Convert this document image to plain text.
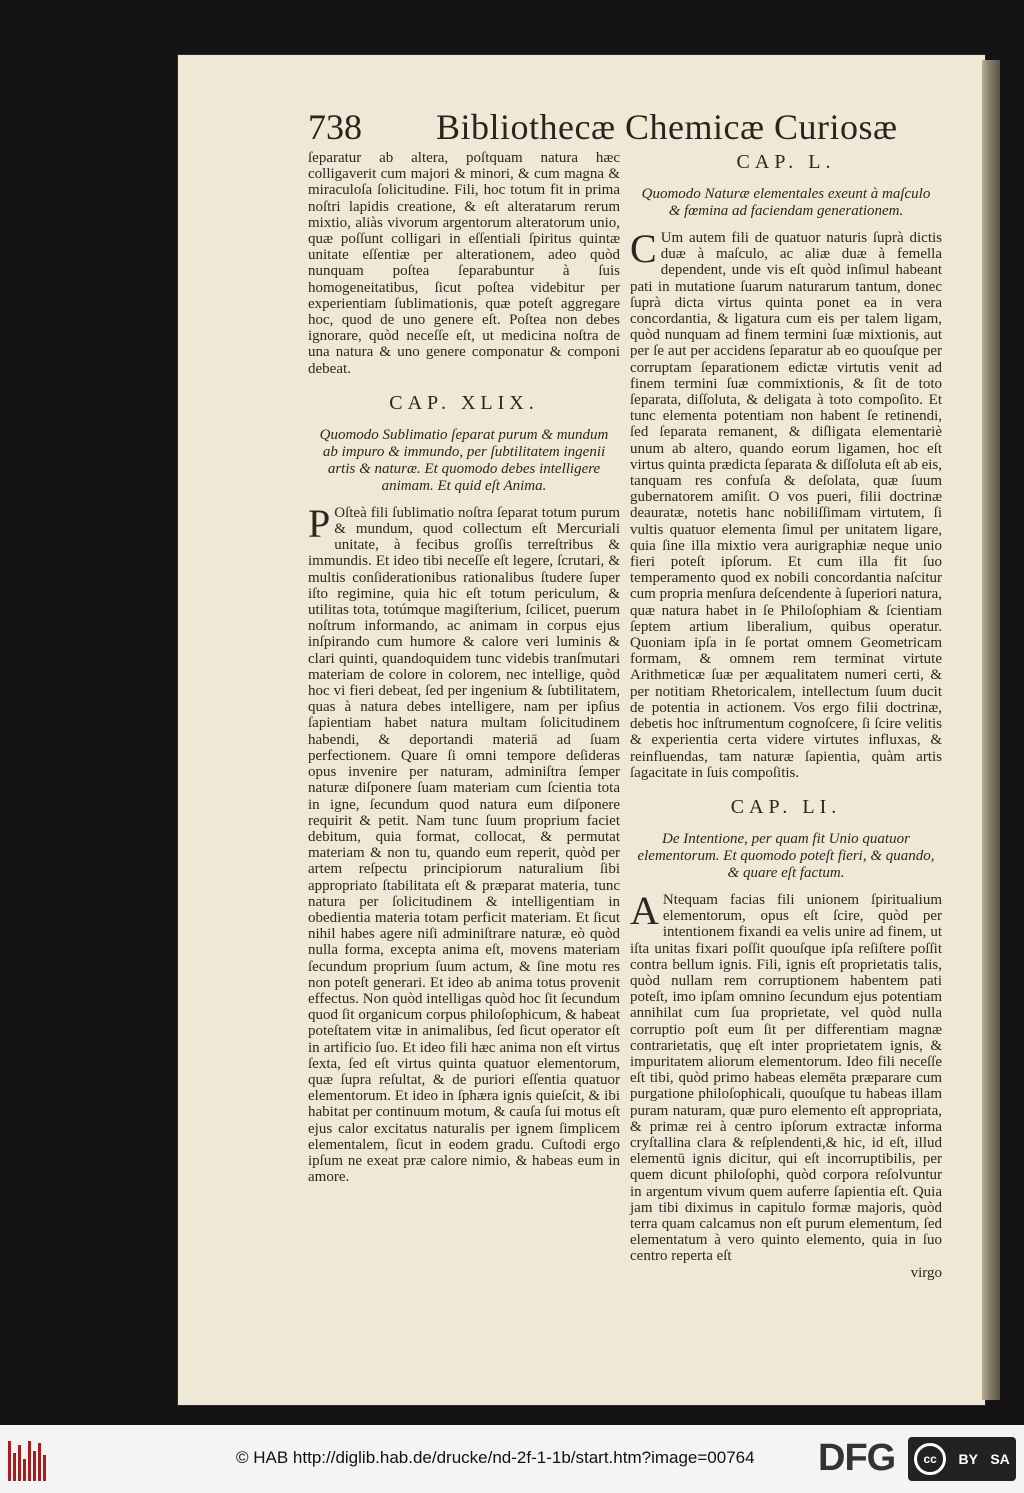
738 Bibliothecæ Chemicæ Curiosæ

ſeparatur ab altera, poſtquam natura hæc colligaverit cum majori & minori, & cum magna & miraculoſa ſolicitudine. Fili, hoc totum fit in prima noſtri lapidis creatione, & eſt alteratarum rerum mixtio, aliàs vivorum argentorum alteratorum unio, quæ poſſunt colligari in eſſentiali ſpiritus quintæ unitate eſſentiæ per alterationem, adeo quòd nunquam poſtea ſeparabuntur à ſuis homogeneitatibus, ſicut poſtea videbitur per experientiam ſublimationis, quæ poteſt aggregare hoc, quod de uno genere eſt. Poſtea non debes ignorare, quòd neceſſe eſt, ut medicina noſtra de una natura & uno genere componatur & componi debeat.

CAP. XLIX.
Quomodo Sublimatio ſeparat purum & mundum ab impuro & immundo, per ſubtilitatem ingenii artis & naturæ. Et quomodo debes intelligere animam. Et quid eſt Anima.

P Oſteà fili ſublimatio noſtra ſeparat totum purum & mundum, quod collectum eſt Mercuriali unitate, à fecibus groſſis terreſtribus & immundis. Et ideo tibi neceſſe eſt legere, ſcrutari, & multis conſiderationibus rationalibus ſtudere ſuper iſto regimine, quia hic eſt totum periculum, & utilitas tota, totúmque magiſterium, ſcilicet, puerum noſtrum informando, ac animam in corpus ejus inſpirando cum humore & calore veri luminis & clari quinti, quandoquidem tunc videbis tranſmutari materiam de colore in colorem, nec intellige, quòd hoc vi fieri debeat, ſed per ingenium & ſubtilitatem, quas à natura debes intelligere, nam per ipſius ſapientiam habet natura multam ſolicitudinem habendi, & deportandi materiā ad ſuam perfectionem. Quare ſi omni tempore deſideras opus invenire per naturam, adminiſtra ſemper naturæ diſponere ſuam materiam cum ſcientia tota in igne, ſecundum quod natura eum diſponere requirit & petit. Nam tunc ſuum proprium faciet debitum, quia format, collocat, & permutat materiam & non tu, quando eum reperit, quòd per artem reſpectu principiorum naturalium ſibi appropriato ſtabilitata eſt & præparat materia, tunc natura per ſolicitudinem & intelligentiam in obedientia materia totam perficit materiam. Et ſicut nihil habes agere niſi adminiſtrare naturæ, eò quòd nulla forma, excepta anima eſt, movens materiam ſecundum proprium ſuum actum, & ſine motu res non poteſt generari. Et ideo ab anima totus provenit effectus. Non quòd intelligas quòd hoc ſit ſecundum quod ſit organicum corpus philoſophicum, & habeat poteſtatem vitæ in animalibus, ſed ſicut operator eſt in artificio ſuo. Et ideo fili hæc anima non eſt virtus ſexta, ſed eſt virtus quinta quatuor elementorum, quæ ſupra reſultat, & de puriori eſſentia quatuor elementorum. Et ideo in ſphæra ignis quieſcit, & ibi habitat per continuum motum, & cauſa ſui motus eſt ejus calor excitatus naturalis per ignem ſimplicem elementalem, ſicut in eodem gradu. Cuſtodi ergo ipſum ne exeat præ calore nimio, & habeas eum in amore.

CAP. L.
Quomodo Naturæ elementales exeunt à maſculo & fœmina ad faciendam generationem.

C Um autem fili de quatuor naturis ſuprà dictis duæ à maſculo, ac aliæ duæ à femella dependent, unde vis eſt quòd inſimul habeant pati in mutatione ſuarum naturarum tantum, donec ſuprà dicta virtus quinta ponet ea in vera concordantia, & ligatura cum eis per talem ligam, quòd nunquam ad finem termini ſuæ mixtionis, aut per ſe aut per accidens ſeparatur ab eo quouſque per corruptam ſeparationem edictæ virtutis venit ad finem termini ſuæ commixtionis, & ſit de toto ſeparata, diſſoluta, & deligata à toto compoſito. Et tunc elementa potentiam non habent ſe retinendi, ſed ſeparata remanent, & diſligata elementariè unum ab altero, quando eorum ligamen, hoc eſt virtus quinta prædicta ſeparata & diſſoluta eſt ab eis, tanquam res confuſa & deſolata, quæ ſuum gubernatorem amiſit. O vos pueri, filii doctrinæ deauratæ, notetis hanc nobiliſſimam virtutem, ſi vultis quatuor elementa ſimul per unitatem ligare, quia ſine illa mixtio vera aurigraphiæ neque unio fieri poteſt ipſorum. Et cum illa fit ſuo temperamento quod ex nobili concordantia naſcitur cum propria menſura deſcendente à ſuperiori natura, quæ natura habet in ſe Philoſophiam & ſcientiam ſeptem artium liberalium, quibus operatur. Quoniam ipſa in ſe portat omnem Geometricam formam, & omnem rem terminat virtute Arithmeticæ ſuæ per æqualitatem numeri certi, & per notitiam Rhetoricalem, intellectum ſuum ducit de potentia in actionem. Vos ergo filii doctrinæ, debetis hoc inſtrumentum cognoſcere, ſi ſcire velitis & experientia certa videre virtutes influxas, & reinfluendas, tam naturæ ſapientia, quàm artis ſagacitate in ſuis compoſitis.

CAP. LI.
De Intentione, per quam fit Unio quatuor elementorum. Et quomodo poteſt fieri, & quando, & quare eſt factum.

A Ntequam facias fili unionem ſpiritualium elementorum, opus eſt ſcire, quòd per intentionem fixandi ea velis unire ad finem, ut iſta unitas fixari poſſit quouſque ipſa reſiſtere poſſit contra bellum ignis. Fili, ignis eſt proprietatis talis, quòd nullam rem corruptionem habentem pati poteſt, imo ipſam omnino ſecundum ejus potentiam annihilat cum ſua proprietate, vel quòd nulla corruptio poſt eum ſit per differentiam magnæ contrarietatis, quę eſt inter proprietatem ignis, & impuritatem aliorum elementorum. Ideo fili neceſſe eſt tibi, quòd primo habeas elemēta præparare cum purgatione philoſophicali, quouſque tu habeas illam puram naturam, quæ puro elemento eſt appropriata, & primæ rei à centro ipſorum extractæ informa cryſtallina clara & reſplendenti,& hic, id eſt, illud elementū ignis dicitur, qui eſt incorruptibilis, per quem dicunt philoſophi, quòd corpora reſolvuntur in argentum vivum quem auferre ſapientia eſt. Quia jam tibi diximus in capitulo formæ majoris, quòd terra quam calcamus non eſt purum elementum, ſed elementatum à vero quinto elemento, quia in ſuo centro reperta eſt

virgo
© HAB http://diglib.hab.de/drucke/nd-2f-1-1b/start.htm?image=00764 DFG	cc	BY SA
